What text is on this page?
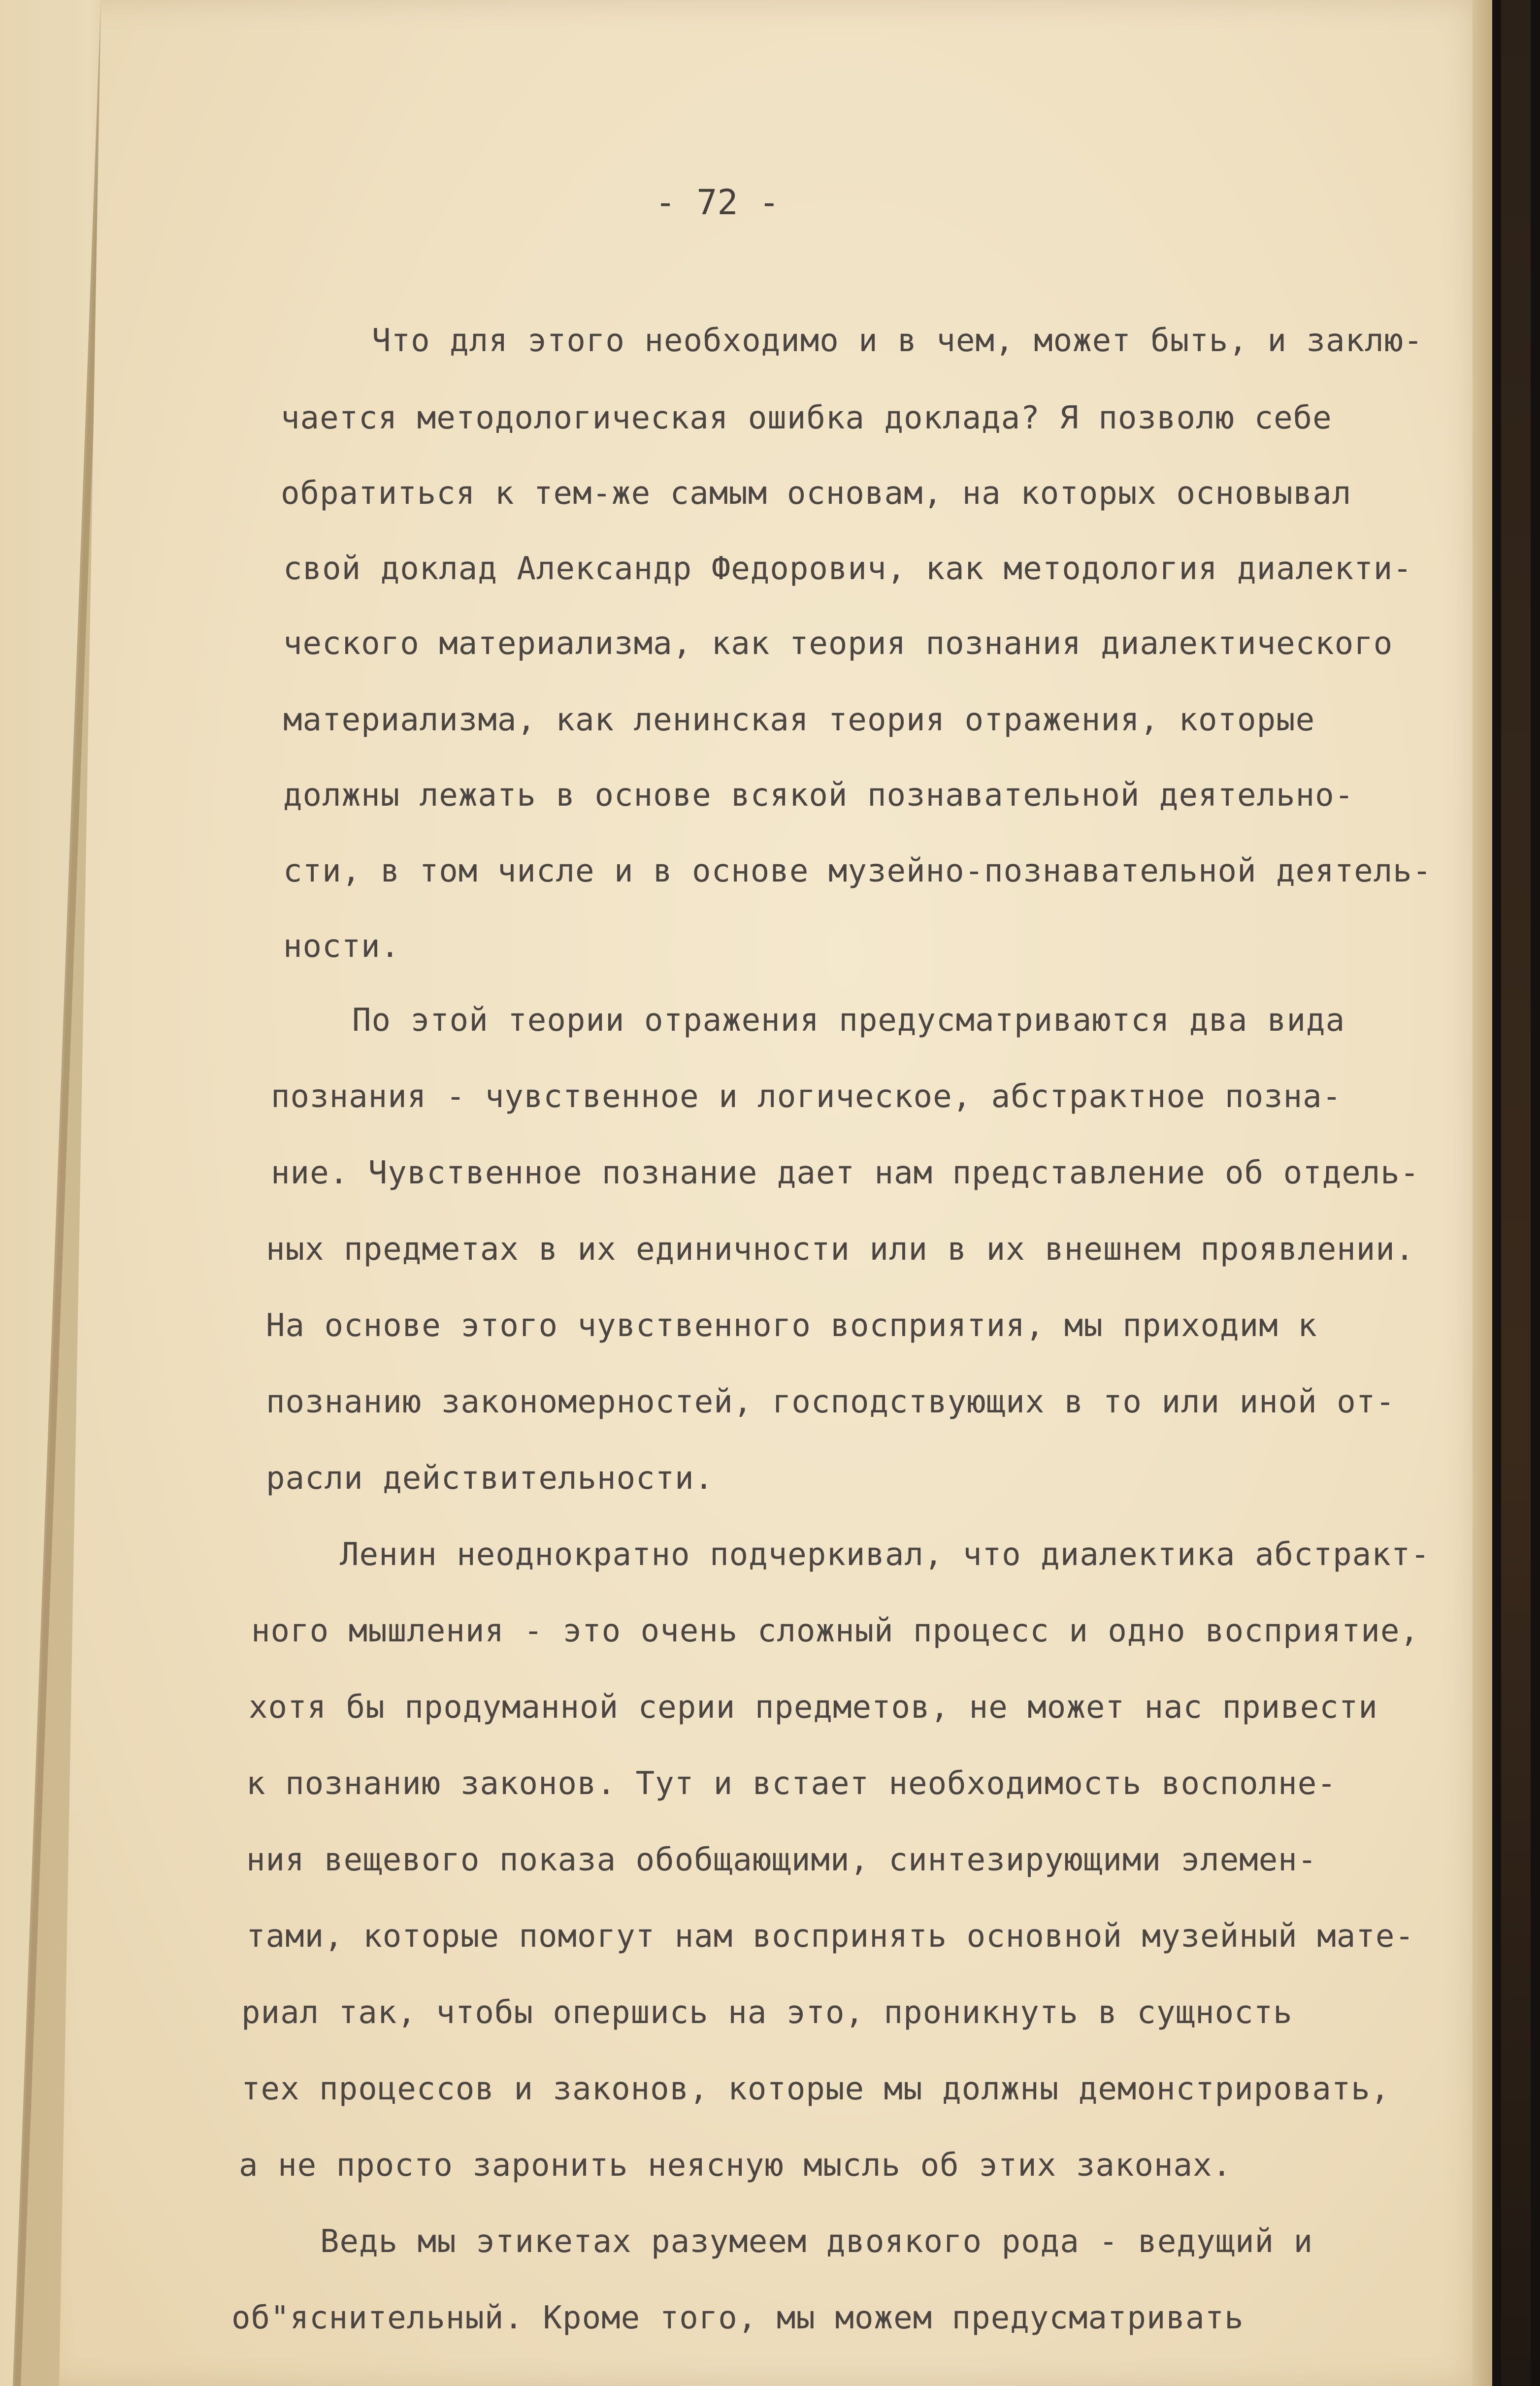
- 72 -
Что для этого необходимо и в чем, может быть, и заклю-
чается методологическая ошибка доклада? Я позволю себе
обратиться к тем-же самым основам, на которых основывал
свой доклад Александр Федорович, как методология диалекти-
ческого материализма, как теория познания диалектического
материализма, как ленинская теория отражения, которые
должны лежать в основе всякой познавательной деятельно-
сти, в том числе и в основе музейно-познавательной деятель-
ности.
По этой теории отражения предусматриваются два вида
познания - чувственное и логическое, абстрактное позна-
ние. Чувственное познание дает нам представление об отдель-
ных предметах в их единичности или в их внешнем проявлении.
На основе этого чувственного восприятия, мы приходим к
познанию закономерностей, господствующих в то или иной от-
расли действительности.
Ленин неоднократно подчеркивал, что диалектика абстракт-
ного мышления - это очень сложный процесс и одно восприятие,
хотя бы продуманной серии предметов, не может нас привести
к познанию законов. Тут и встает необходимость восполне-
ния вещевого показа обобщающими, синтезирующими элемен-
тами, которые помогут нам воспринять основной музейный мате-
риал так, чтобы опершись на это, проникнуть в сущность
тех процессов и законов, которые мы должны демонстрировать,
а не просто заронить неясную мысль об этих законах.
Ведь мы этикетах разумеем двоякого рода - ведущий и
об"яснительный. Кроме того, мы можем предусматривать
